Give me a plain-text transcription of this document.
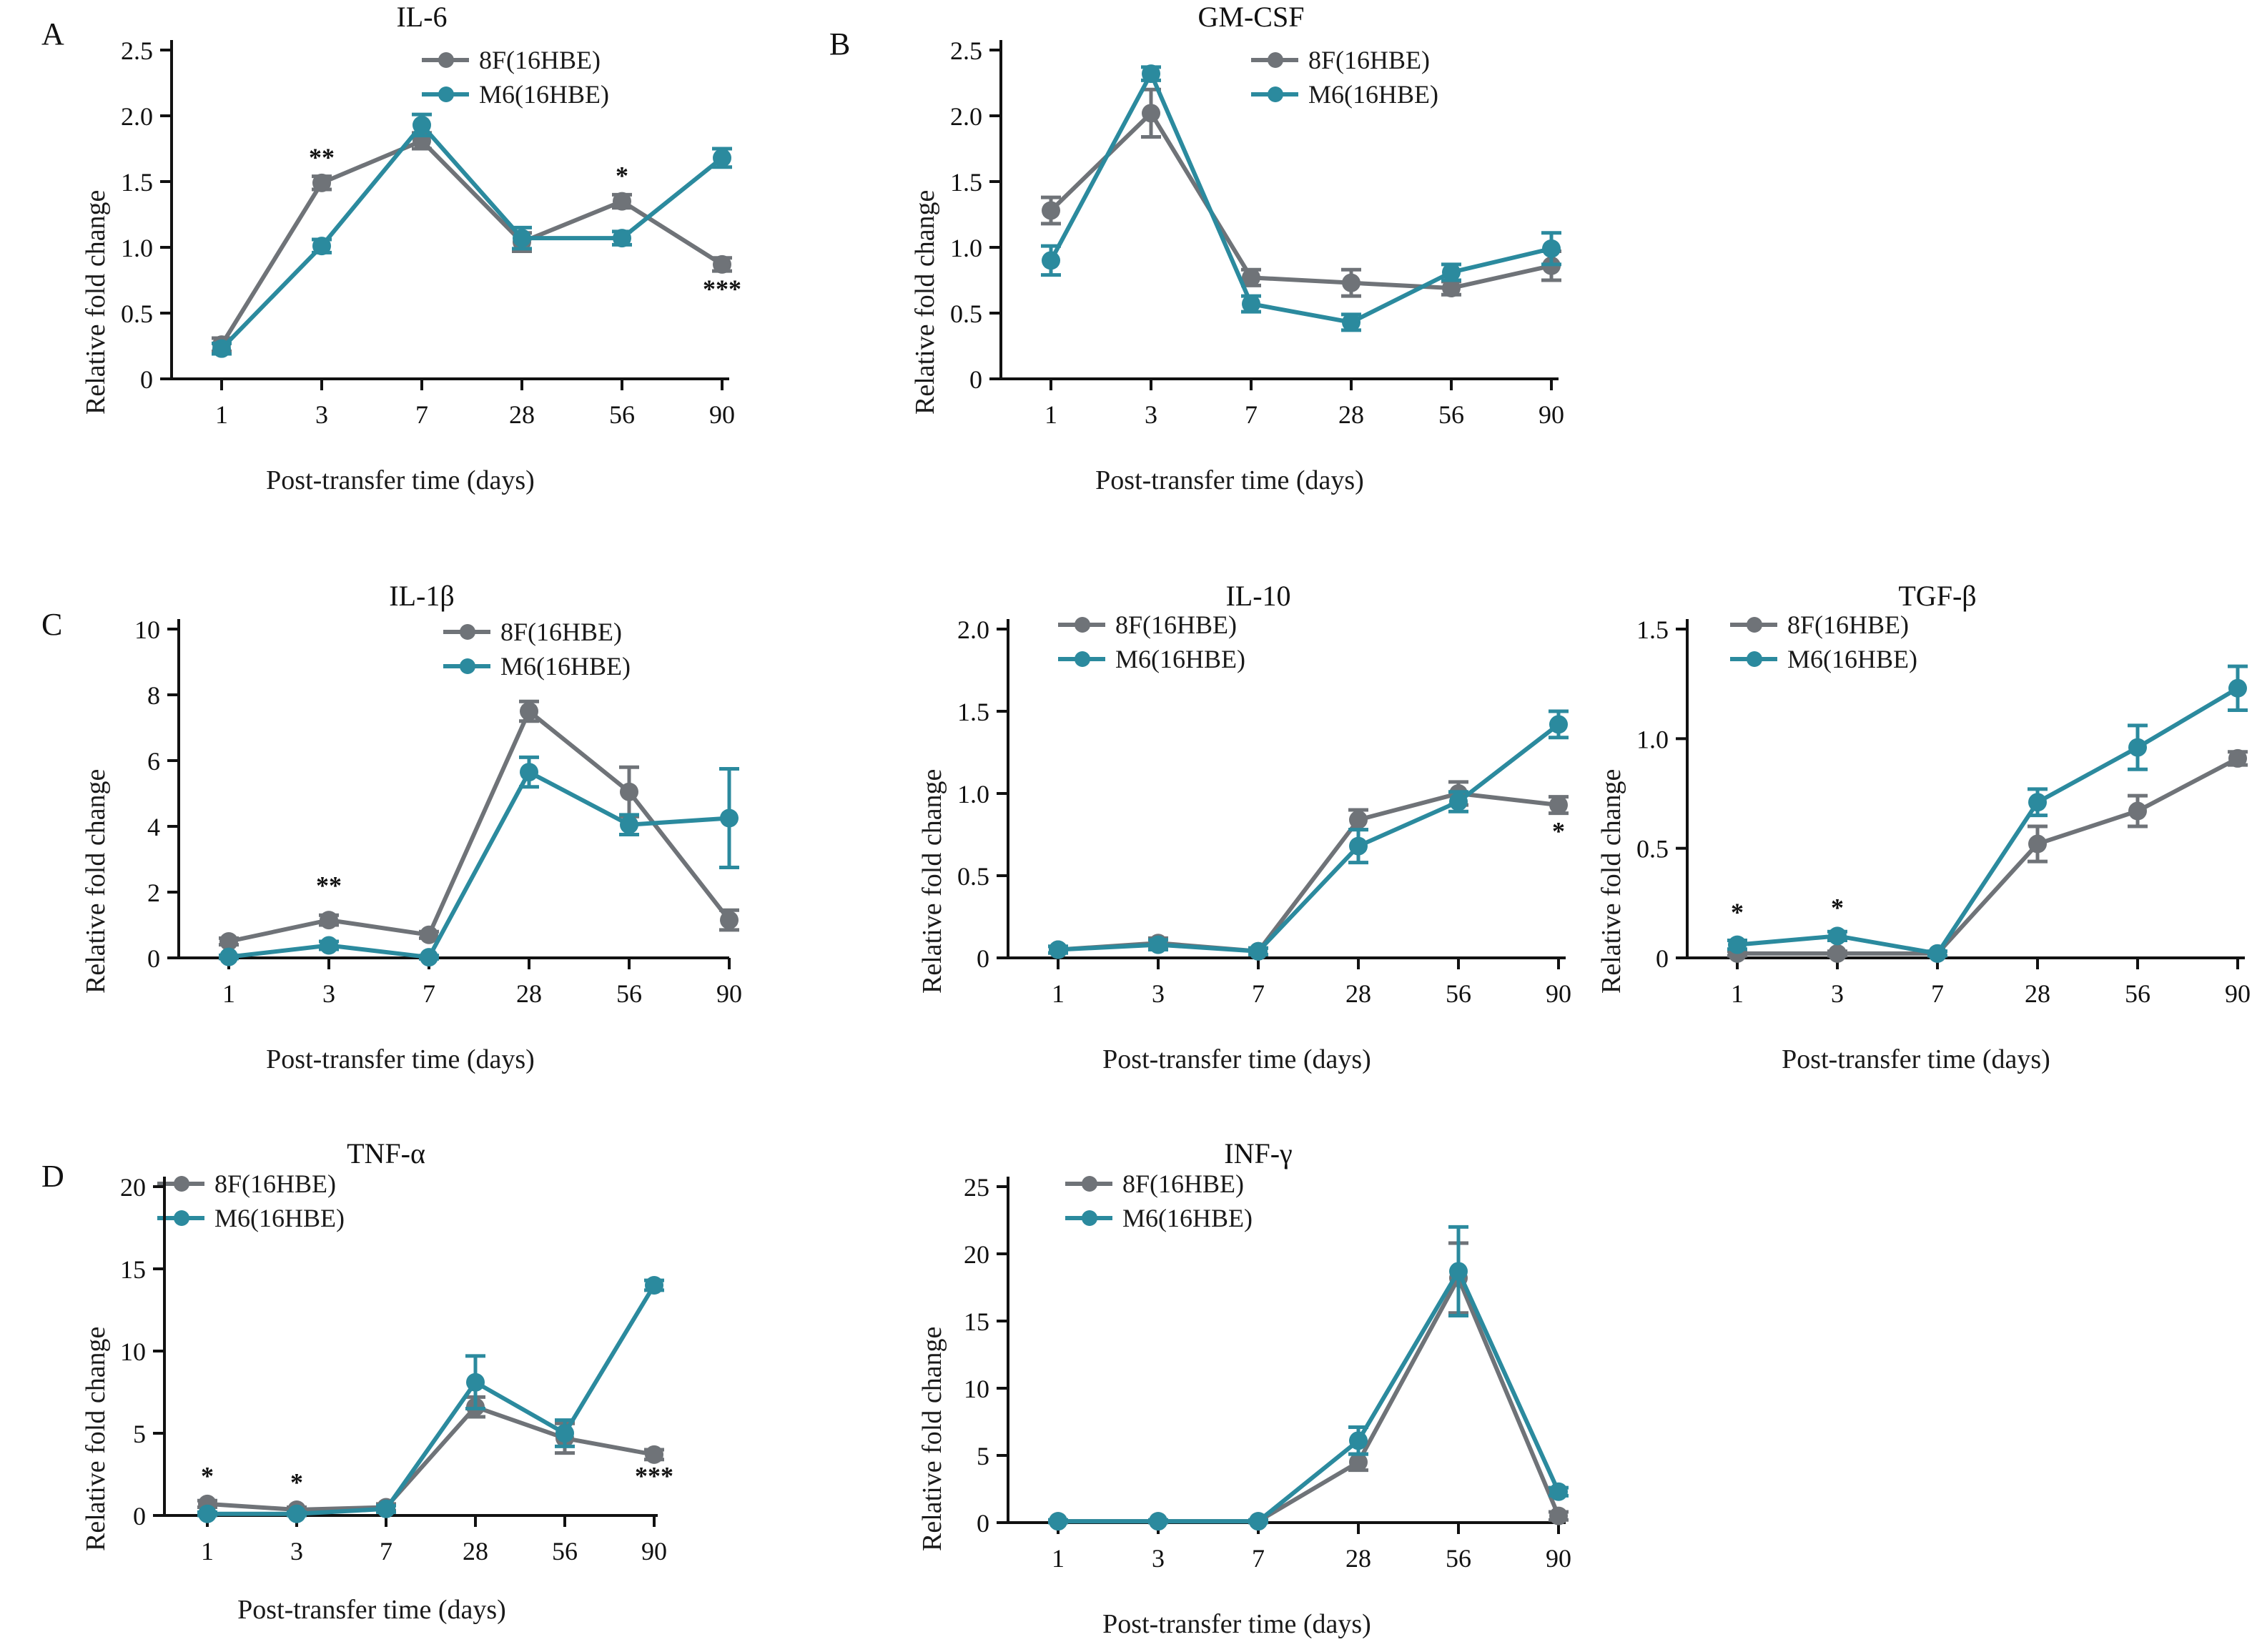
A	B
C
D
IL-6
Relative fold change
Post-transfer time (days)
8F(16HBE)
M6(16HBE)
0
0.5
1.0
1.5
2.0
2.5
1	3	7	28	56	90
**
*
***
GM-CSF
Relative fold change
Post-transfer time (days)
8F(16HBE)
M6(16HBE)
0
0.5
1.0
1.5
2.0
2.5
1	3	7	28	56	90
IL-1β
Relative fold change
Post-transfer time (days)
8F(16HBE)
M6(16HBE)
0
2
4
6
8
10
1	3	7	28	56	90
**
IL-10
Relative fold change
Post-transfer time (days)
8F(16HBE)
M6(16HBE)
0
0.5
1.0
1.5
2.0
1	3	7	28	56	90
*
TGF-β
Relative fold change
Post-transfer time (days)
8F(16HBE)
M6(16HBE)
0
0.5
1.0
1.5
1	3	7	28	56	90
*	*
TNF-α
Relative fold change
Post-transfer time (days)
8F(16HBE)
M6(16HBE)
0
5
10
15
20
1	3	7	28 56 90
*	*	***
INF-γ
Relative fold change
Post-transfer time (days)
8F(16HBE)
M6(16HBE)
0
5
10
15
20
25
1	3	7	28	56	90
